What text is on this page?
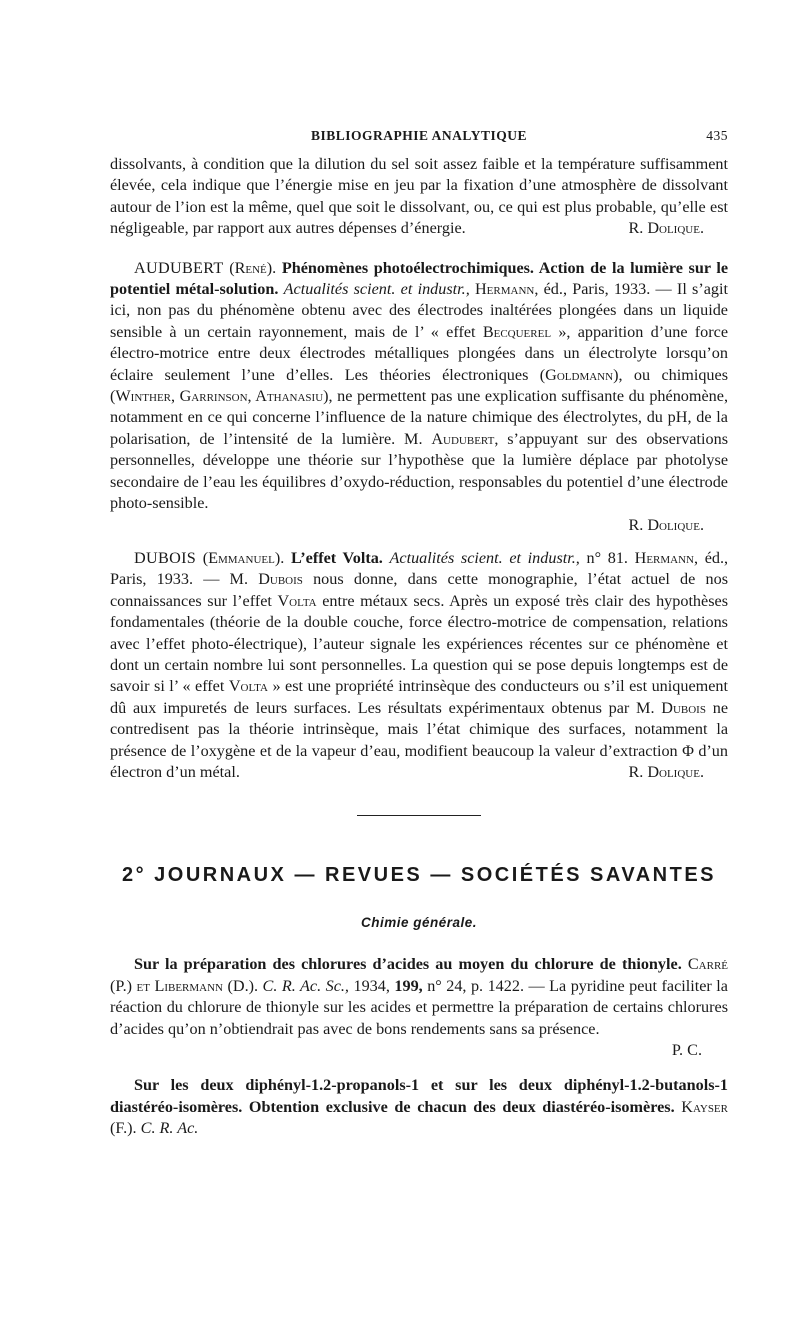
BIBLIOGRAPHIE ANALYTIQUE	435

dissolvants, à condition que la dilution du sel soit assez faible et la température suffisamment élevée, cela indique que l’énergie mise en jeu par la fixation d’une atmosphère de dissolvant autour de l’ion est la même, quel que soit le dissolvant, ou, ce qui est plus probable, qu’elle est négligeable, par rapport aux autres dépenses d’énergie.	R. Dolique.

AUDUBERT (René). Phénomènes photoélectrochimiques. Action de la lumière sur le potentiel métal-solution. Actualités scient. et industr., Hermann, éd., Paris, 1933. — Il s’agit ici, non pas du phénomène obtenu avec des électrodes inaltérées plongées dans un liquide sensible à un certain rayonnement, mais de l’ « effet Becquerel », apparition d’une force électro-motrice entre deux électrodes métalliques plongées dans un électrolyte lorsqu’on éclaire seulement l’une d’elles. Les théories électroniques (Goldmann), ou chimiques (Winther, Garrinson, Athanasiu), ne permettent pas une explication suffisante du phénomène, notamment en ce qui concerne l’influence de la nature chimique des électrolytes, du pH, de la polarisation, de l’intensité de la lumière. M. Audubert, s’appuyant sur des observations personnelles, développe une théorie sur l’hypothèse que la lumière déplace par photolyse secondaire de l’eau les équilibres d’oxydo-réduction, responsables du potentiel d’une électrode photo-sensible.
R. Dolique.

DUBOIS (Emmanuel). L’effet Volta. Actualités scient. et industr., n° 81. Hermann, éd., Paris, 1933. — M. Dubois nous donne, dans cette monographie, l’état actuel de nos connaissances sur l’effet Volta entre métaux secs. Après un exposé très clair des hypothèses fondamentales (théorie de la double couche, force électro-motrice de compensation, relations avec l’effet photo-électrique), l’auteur signale les expériences récentes sur ce phénomène et dont un certain nombre lui sont personnelles. La question qui se pose depuis longtemps est de savoir si l’ « effet Volta » est une propriété intrinsèque des conducteurs ou s’il est uniquement dû aux impuretés de leurs surfaces. Les résultats expérimentaux obtenus par M. Dubois ne contredisent pas la théorie intrinsèque, mais l’état chimique des surfaces, notamment la présence de l’oxygène et de la vapeur d’eau, modifient beaucoup la valeur d’extraction Φ d’un électron d’un métal.	R. Dolique.

2° JOURNAUX — REVUES — SOCIÉTÉS SAVANTES
Chimie générale.

Sur la préparation des chlorures d’acides au moyen du chlorure de thionyle. Carré (P.) et Libermann (D.). C. R. Ac. Sc., 1934, 199, n° 24, p. 1422. — La pyridine peut faciliter la réaction du chlorure de thionyle sur les acides et permettre la préparation de certains chlorures d’acides qu’on n’obtiendrait pas avec de bons rendements sans sa présence.

P. C.

Sur les deux diphényl-1.2-propanols-1 et sur les deux diphényl-1.2-butanols-1 diastéréo-isomères. Obtention exclusive de chacun des deux diastéréo-isomères. Kayser (F.). C. R. Ac.
